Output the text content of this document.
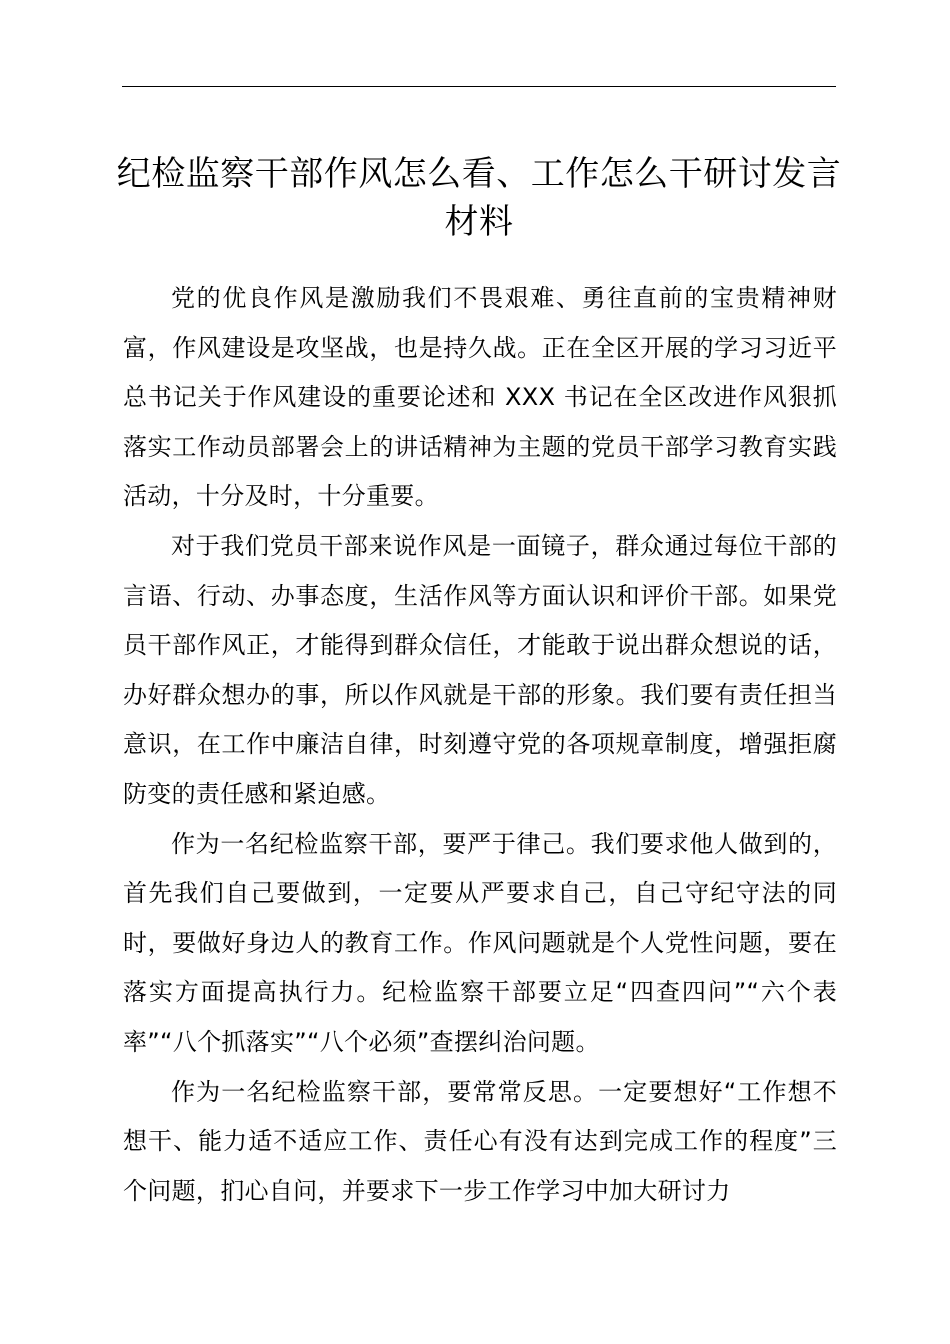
纪检监察干部作风怎么看、工作怎么干研讨发言材料

党的优良作风是激励我们不畏艰难、勇往直前的宝贵精神财富，作风建设是攻坚战，也是持久战。正在全区开展的学习习近平总书记关于作风建设的重要论述和 XXX 书记在全区改进作风狠抓落实工作动员部署会上的讲话精神为主题的党员干部学习教育实践活动，十分及时，十分重要。

对于我们党员干部来说作风是一面镜子，群众通过每位干部的言语、行动、办事态度，生活作风等方面认识和评价干部。如果党员干部作风正，才能得到群众信任，才能敢于说出群众想说的话，办好群众想办的事，所以作风就是干部的形象。我们要有责任担当意识，在工作中廉洁自律，时刻遵守党的各项规章制度，增强拒腐防变的责任感和紧迫感。

作为一名纪检监察干部，要严于律己。我们要求他人做到的，首先我们自己要做到，一定要从严要求自己，自己守纪守法的同时，要做好身边人的教育工作。作风问题就是个人党性问题，要在落实方面提高执行力。纪检监察干部要立足“四查四问”“六个表率”“八个抓落实”“八个必须”查摆纠治问题。

作为一名纪检监察干部，要常常反思。一定要想好“工作想不想干、能力适不适应工作、责任心有没有达到完成工作的程度”三个问题，扪心自问，并要求下一步工作学习中加大研讨力
